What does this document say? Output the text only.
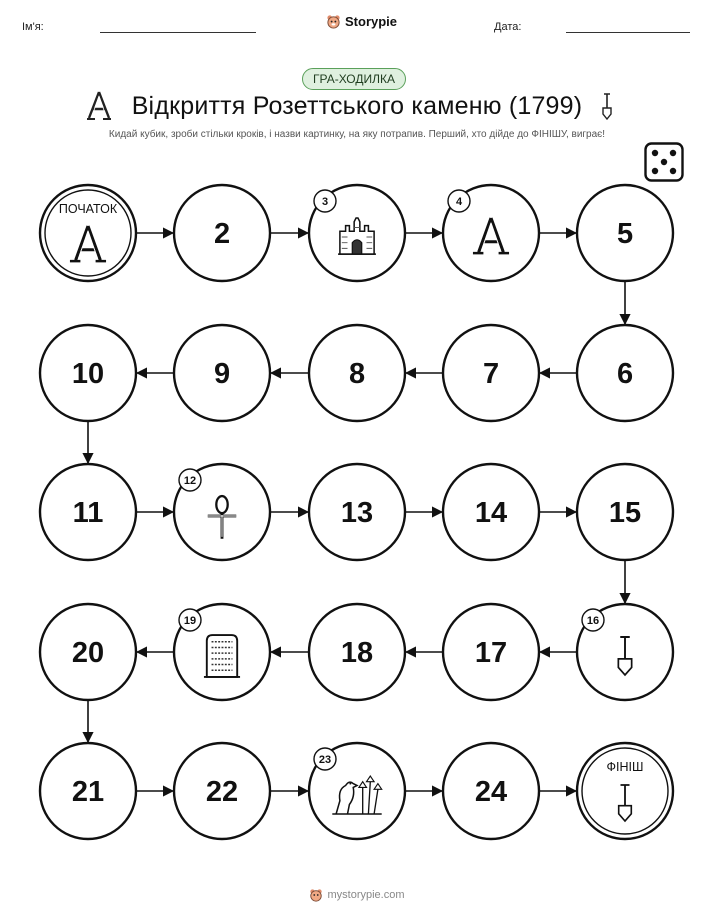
Ім'я:	Storypie	Дата:
ГРА-ХОДИЛКА
Відкриття Розеттського каменю (1799)
Кидай кубик, зроби стільки кроків, і назви картинку, на яку потрапив. Перший, хто дійде до ФІНІШУ, виграє!
ПОЧАТОК
2
3	4
5
6
7
8
9
10
11
12
13	14	15
16
17
18
19
20
21	22
23
24
ФІНІШ
mystorypie.com
